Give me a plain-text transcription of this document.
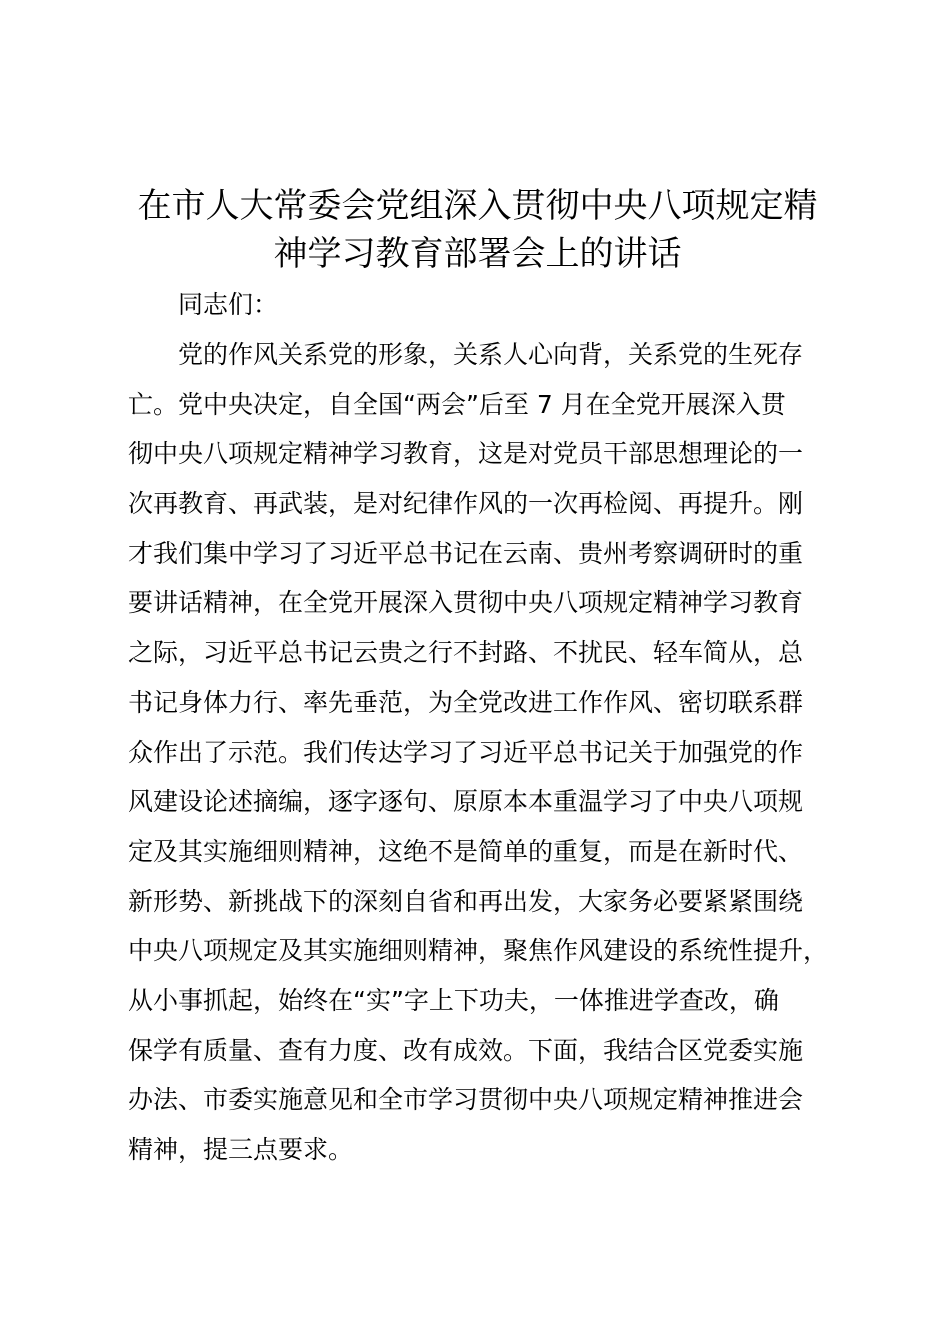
在市人大常委会党组深入贯彻中央八项规定精
神学习教育部署会上的讲话
同志们：
党的作风关系党的形象，关系人心向背，关系党的生死存
亡。党中央决定，自全国“两会”后至 7 月在全党开展深入贯
彻中央八项规定精神学习教育，这是对党员干部思想理论的一
次再教育、再武装，是对纪律作风的一次再检阅、再提升。刚
才我们集中学习了习近平总书记在云南、贵州考察调研时的重
要讲话精神，在全党开展深入贯彻中央八项规定精神学习教育
之际，习近平总书记云贵之行不封路、不扰民、轻车简从，总
书记身体力行、率先垂范，为全党改进工作作风、密切联系群
众作出了示范。我们传达学习了习近平总书记关于加强党的作
风建设论述摘编，逐字逐句、原原本本重温学习了中央八项规
定及其实施细则精神，这绝不是简单的重复，而是在新时代、
新形势、新挑战下的深刻自省和再出发，大家务必要紧紧围绕
中央八项规定及其实施细则精神，聚焦作风建设的系统性提升，
从小事抓起，始终在“实”字上下功夫，一体推进学查改，确
保学有质量、查有力度、改有成效。下面，我结合区党委实施
办法、市委实施意见和全市学习贯彻中央八项规定精神推进会
精神，提三点要求。
